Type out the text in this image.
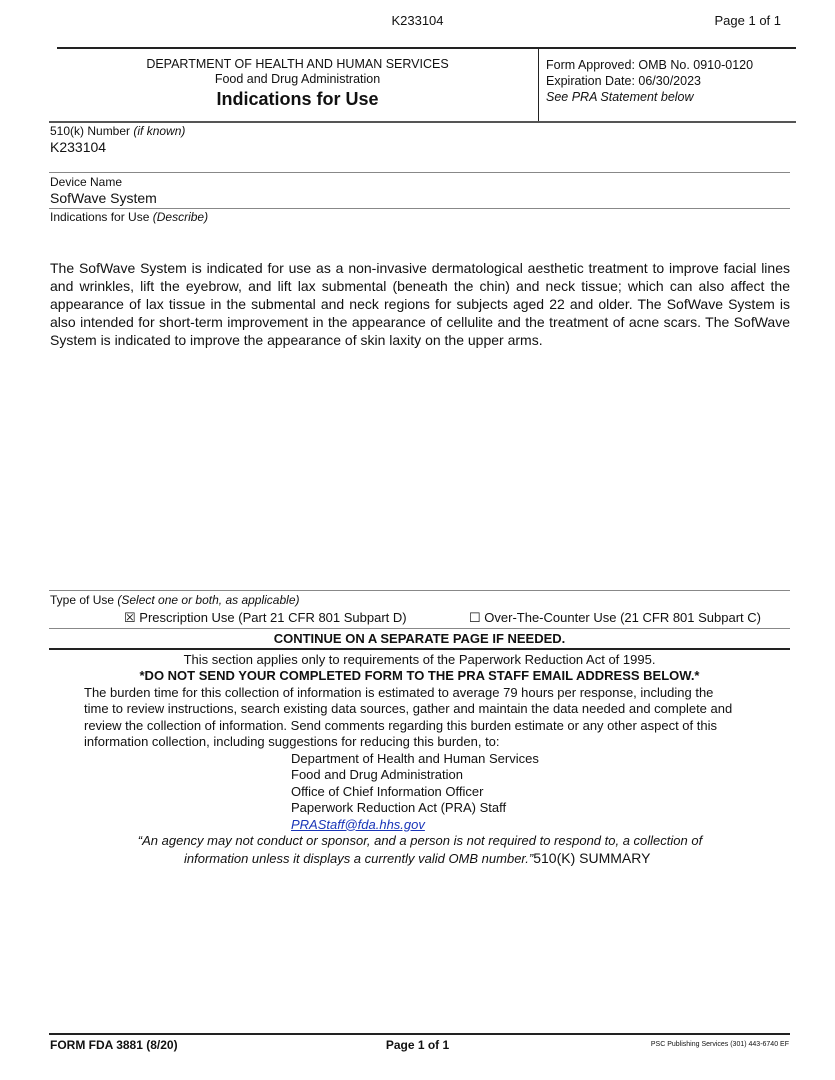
K233104	Page 1 of 1
DEPARTMENT OF HEALTH AND HUMAN SERVICES
Food and Drug Administration
Indications for Use
Form Approved: OMB No. 0910-0120
Expiration Date: 06/30/2023
See PRA Statement below
510(k) Number (if known)
K233104
Device Name
SofWave System
Indications for Use (Describe)
The SofWave System is indicated for use as a non-invasive dermatological aesthetic treatment to improve facial lines and wrinkles, lift the eyebrow, and lift lax submental (beneath the chin) and neck tissue; which can also affect the appearance of lax tissue in the submental and neck regions for subjects aged 22 and older. The SofWave System is also intended for short-term improvement in the appearance of cellulite and the treatment of acne scars. The SofWave System is indicated to improve the appearance of skin laxity on the upper arms.
Type of Use (Select one or both, as applicable)
☒ Prescription Use (Part 21 CFR 801 Subpart D)	☐ Over-The-Counter Use (21 CFR 801 Subpart C)
CONTINUE ON A SEPARATE PAGE IF NEEDED.
This section applies only to requirements of the Paperwork Reduction Act of 1995.
*DO NOT SEND YOUR COMPLETED FORM TO THE PRA STAFF EMAIL ADDRESS BELOW.*
The burden time for this collection of information is estimated to average 79 hours per response, including the
time to review instructions, search existing data sources, gather and maintain the data needed and complete and
review the collection of information. Send comments regarding this burden estimate or any other aspect of this
information collection, including suggestions for reducing this burden, to:
Department of Health and Human Services
Food and Drug Administration
Office of Chief Information Officer
Paperwork Reduction Act (PRA) Staff
PRAStaff@fda.hhs.gov
“An agency may not conduct or sponsor, and a person is not required to respond to, a collection of
information unless it displays a currently valid OMB number.”510(K) SUMMARY
FORM FDA 3881 (8/20)	Page 1 of 1	PSC Publishing Services (301) 443-6740 EF
